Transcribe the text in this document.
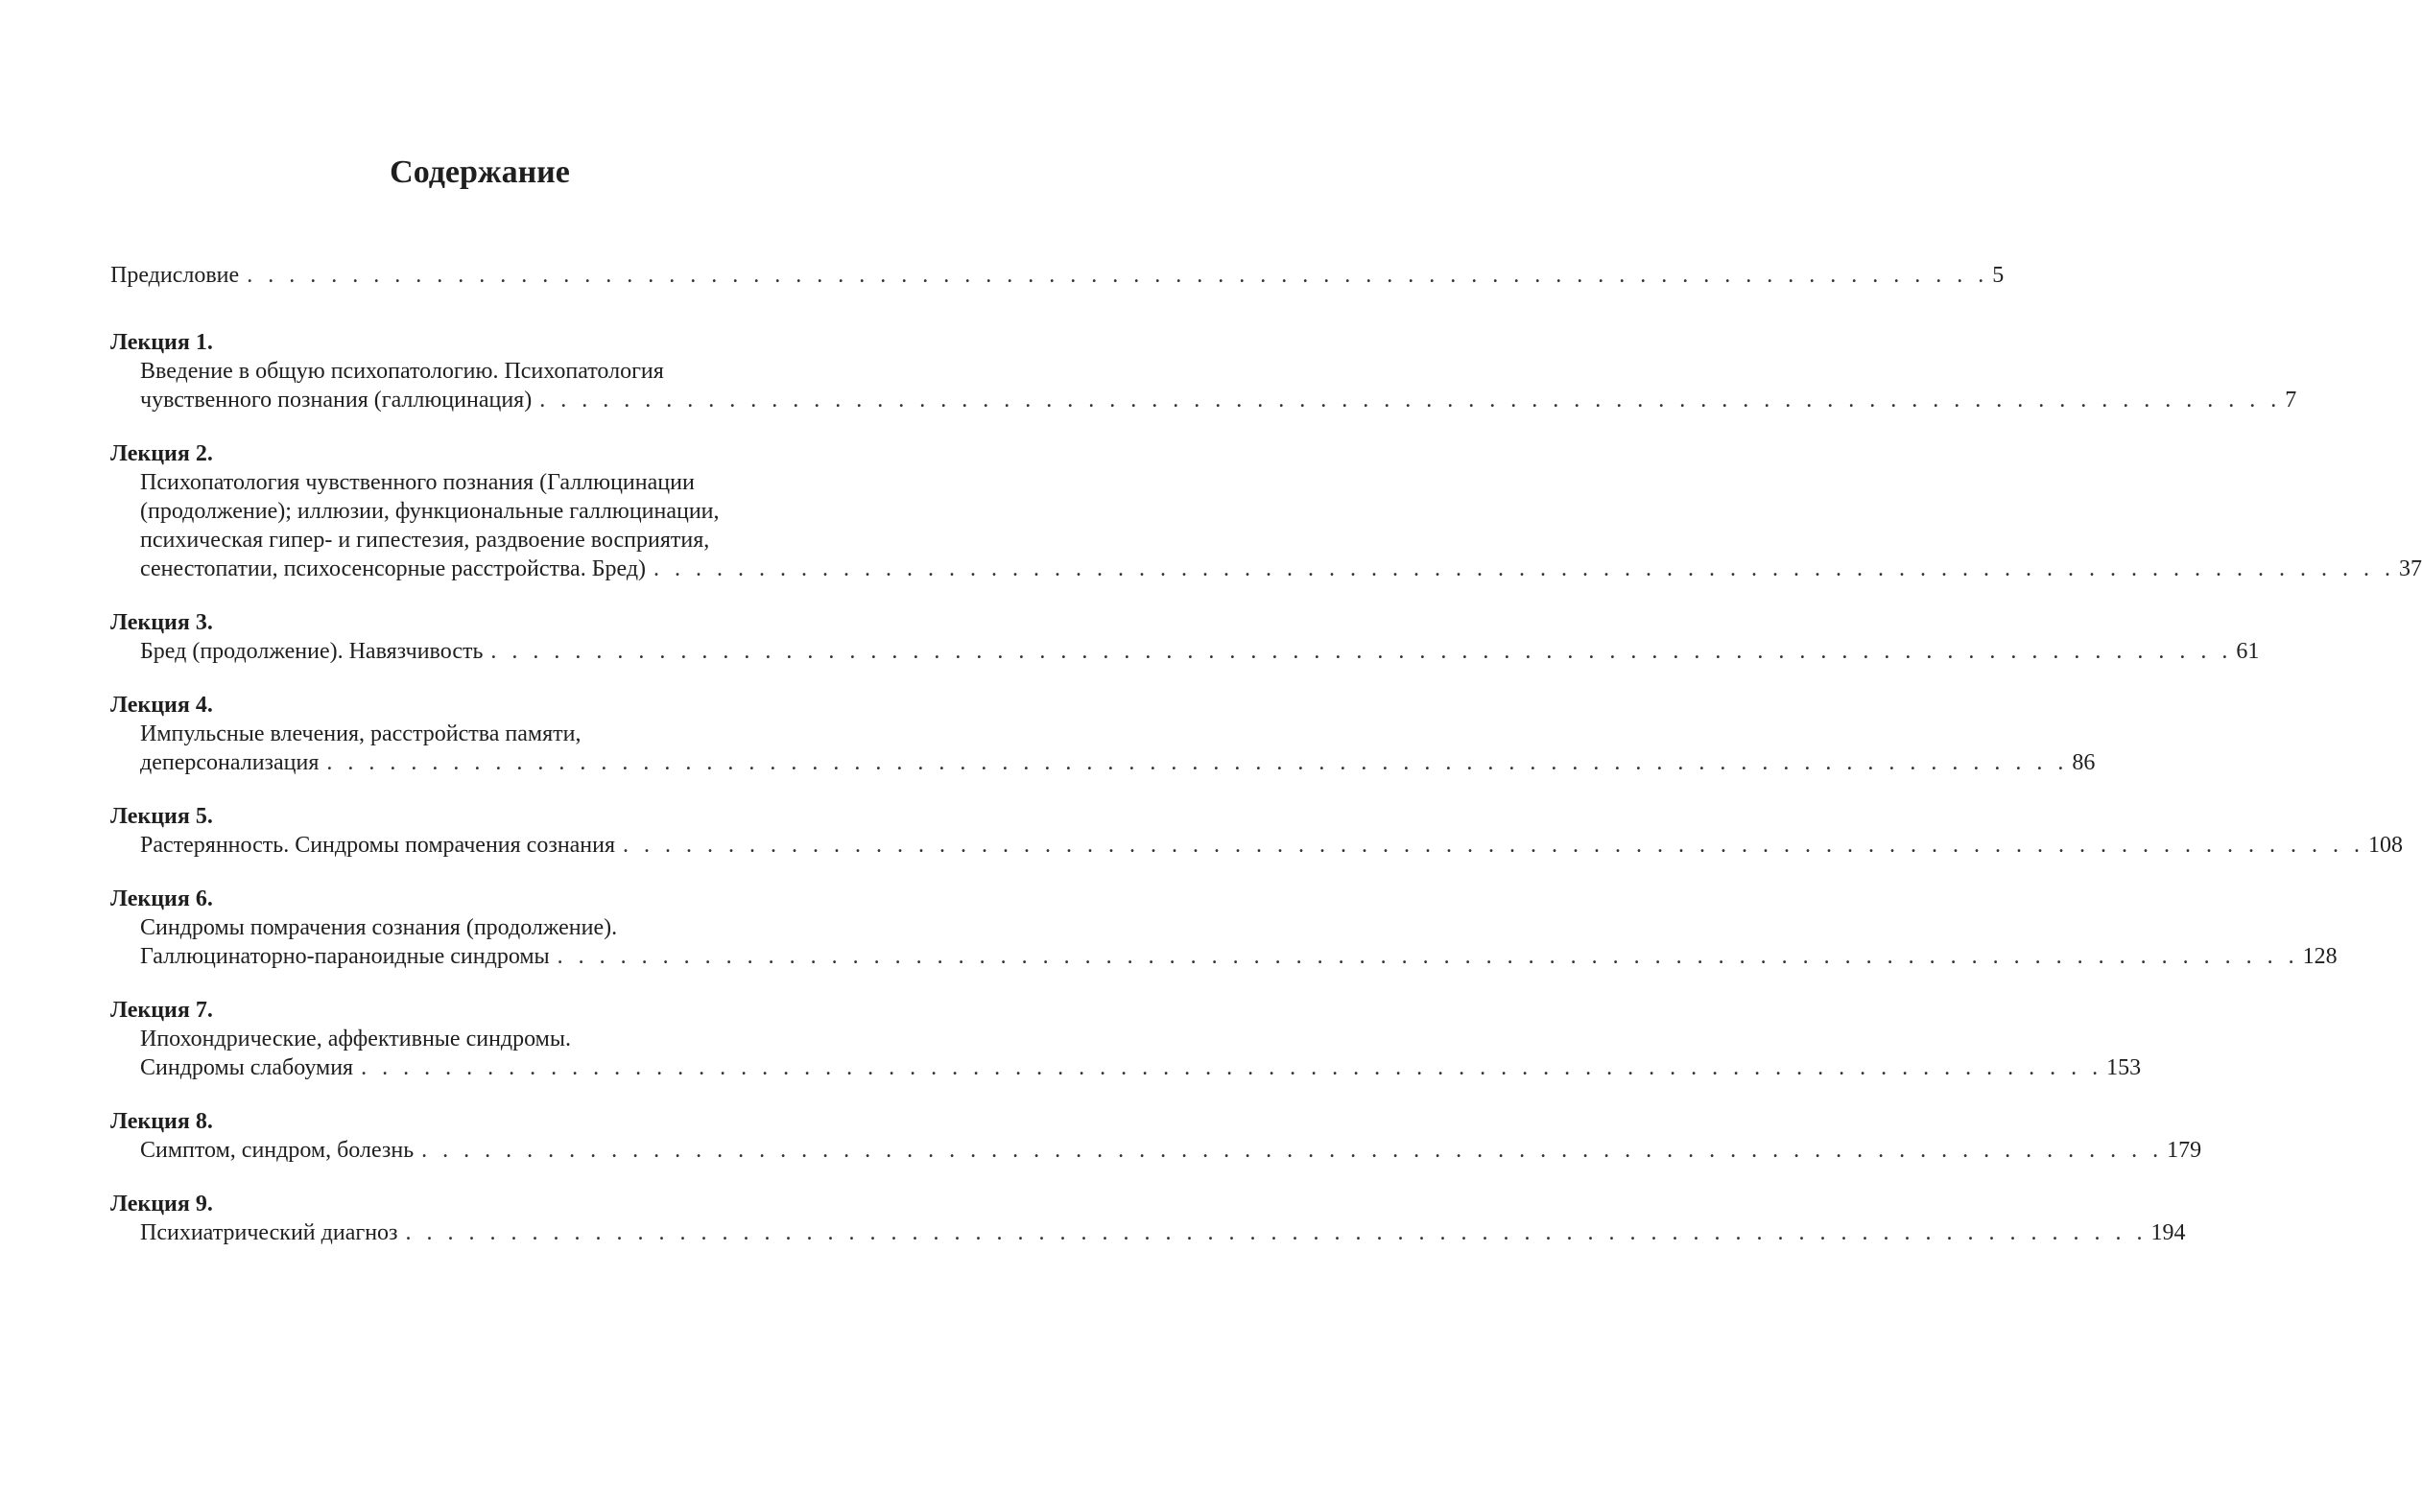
Содержание
Предисловие . . . . . . . . . . . . . . . . . . . . . . . . . . . . . . . . . . . . . . . . . . . . . . . . . . . . . . . . . . . . . . . . . . . . . . . . . . . . . . . . . . . 5
Лекция 1.
Введение в общую психопатологию. Психопатология
чувственного познания (галлюцинация) . . . . . . . . . . . . . . . . . . . . . . . . . . . . . . . . . . . . . . . . . . . . . . . . . . . . . . . . . . . . . . . . . . . . . . . . . . . . . . . . . . . 7
Лекция 2.
Психопатология чувственного познания (Галлюцинации
(продолжение); иллюзии, функциональные галлюцинации,
психическая гипер- и гипестезия, раздвоение восприятия,
сенестопатии, психосенсорные расстройства. Бред) . . . . . . . . . . . . . . . . . . . . . . . . . . . . . . . . . . . . . . . . . . . . . . . . . . . . . . . . . . . . . . . . . . . . . . . . . . . . . . . . . . . 37
Лекция 3.
Бред (продолжение). Навязчивость . . . . . . . . . . . . . . . . . . . . . . . . . . . . . . . . . . . . . . . . . . . . . . . . . . . . . . . . . . . . . . . . . . . . . . . . . . . . . . . . . . . 61
Лекция 4.
Импульсные влечения, расстройства памяти,
деперсонализация . . . . . . . . . . . . . . . . . . . . . . . . . . . . . . . . . . . . . . . . . . . . . . . . . . . . . . . . . . . . . . . . . . . . . . . . . . . . . . . . . . . 86
Лекция 5.
Растерянность. Синдромы помрачения сознания . . . . . . . . . . . . . . . . . . . . . . . . . . . . . . . . . . . . . . . . . . . . . . . . . . . . . . . . . . . . . . . . . . . . . . . . . . . . . . . . . . . 108
Лекция 6.
Синдромы помрачения сознания (продолжение).
Галлюцинаторно-параноидные синдромы . . . . . . . . . . . . . . . . . . . . . . . . . . . . . . . . . . . . . . . . . . . . . . . . . . . . . . . . . . . . . . . . . . . . . . . . . . . . . . . . . . . 128
Лекция 7.
Ипохондрические, аффективные синдромы.
Синдромы слабоумия . . . . . . . . . . . . . . . . . . . . . . . . . . . . . . . . . . . . . . . . . . . . . . . . . . . . . . . . . . . . . . . . . . . . . . . . . . . . . . . . . . . 153
Лекция 8.
Симптом, синдром, болезнь . . . . . . . . . . . . . . . . . . . . . . . . . . . . . . . . . . . . . . . . . . . . . . . . . . . . . . . . . . . . . . . . . . . . . . . . . . . . . . . . . . . 179
Лекция 9.
Психиатрический диагноз . . . . . . . . . . . . . . . . . . . . . . . . . . . . . . . . . . . . . . . . . . . . . . . . . . . . . . . . . . . . . . . . . . . . . . . . . . . . . . . . . . . 194
